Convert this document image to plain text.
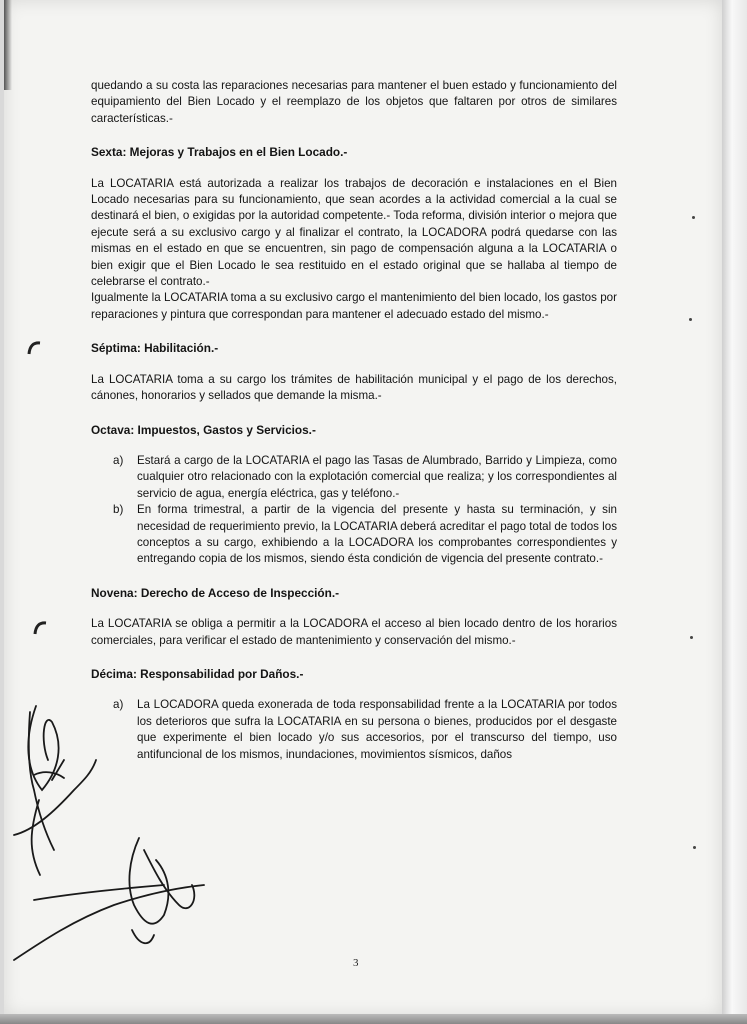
quedando a su costa las reparaciones necesarias para mantener el buen estado y funcionamiento del equipamiento del Bien Locado y el reemplazo de los objetos que faltaren por otros de similares características.-

Sexta: Mejoras y Trabajos en el Bien Locado.-

La LOCATARIA está autorizada a realizar los trabajos de decoración e instalaciones en el Bien Locado necesarias para su funcionamiento, que sean acordes a la actividad comercial a la cual se destinará el bien, o exigidas por la autoridad competente.- Toda reforma, división interior o mejora que ejecute será a su exclusivo cargo y al finalizar el contrato, la LOCADORA podrá quedarse con las mismas en el estado en que se encuentren, sin pago de compensación alguna a la LOCATARIA o bien exigir que el Bien Locado le sea restituido en el estado original que se hallaba al tiempo de celebrarse el contrato.-

Igualmente la LOCATARIA toma a su exclusivo cargo el mantenimiento del bien locado, los gastos por reparaciones y pintura que correspondan para mantener el adecuado estado del mismo.-

Séptima: Habilitación.-

La LOCATARIA toma a su cargo los trámites de habilitación municipal y el pago de los derechos, cánones, honorarios y sellados que demande la misma.-

Octava: Impuestos, Gastos y Servicios.-
a)	Estará a cargo de la LOCATARIA el pago las Tasas de Alumbrado, Barrido y Limpieza, como cualquier otro relacionado con la explotación comercial que realiza; y los correspondientes al servicio de agua, energía eléctrica, gas y teléfono.-

b)	En forma trimestral, a partir de la vigencia del presente y hasta su terminación, y sin necesidad de requerimiento previo, la LOCATARIA deberá acreditar el pago total de todos los conceptos a su cargo, exhibiendo a la LOCADORA los comprobantes correspondientes y entregando copia de los mismos, siendo ésta condición de vigencia del presente contrato.-

Novena: Derecho de Acceso de Inspección.-

La LOCATARIA se obliga a permitir a la LOCADORA el acceso al bien locado dentro de los horarios comerciales, para verificar el estado de mantenimiento y conservación del mismo.-

Décima: Responsabilidad por Daños.-
a)	La LOCADORA queda exonerada de toda responsabilidad frente a la LOCATARIA por todos los deterioros que sufra la LOCATARIA en su persona o bienes, producidos por el desgaste que experimente el bien locado y/o sus accesorios, por el transcurso del tiempo, uso antifuncional de los mismos, inundaciones, movimientos sísmicos, daños

3
